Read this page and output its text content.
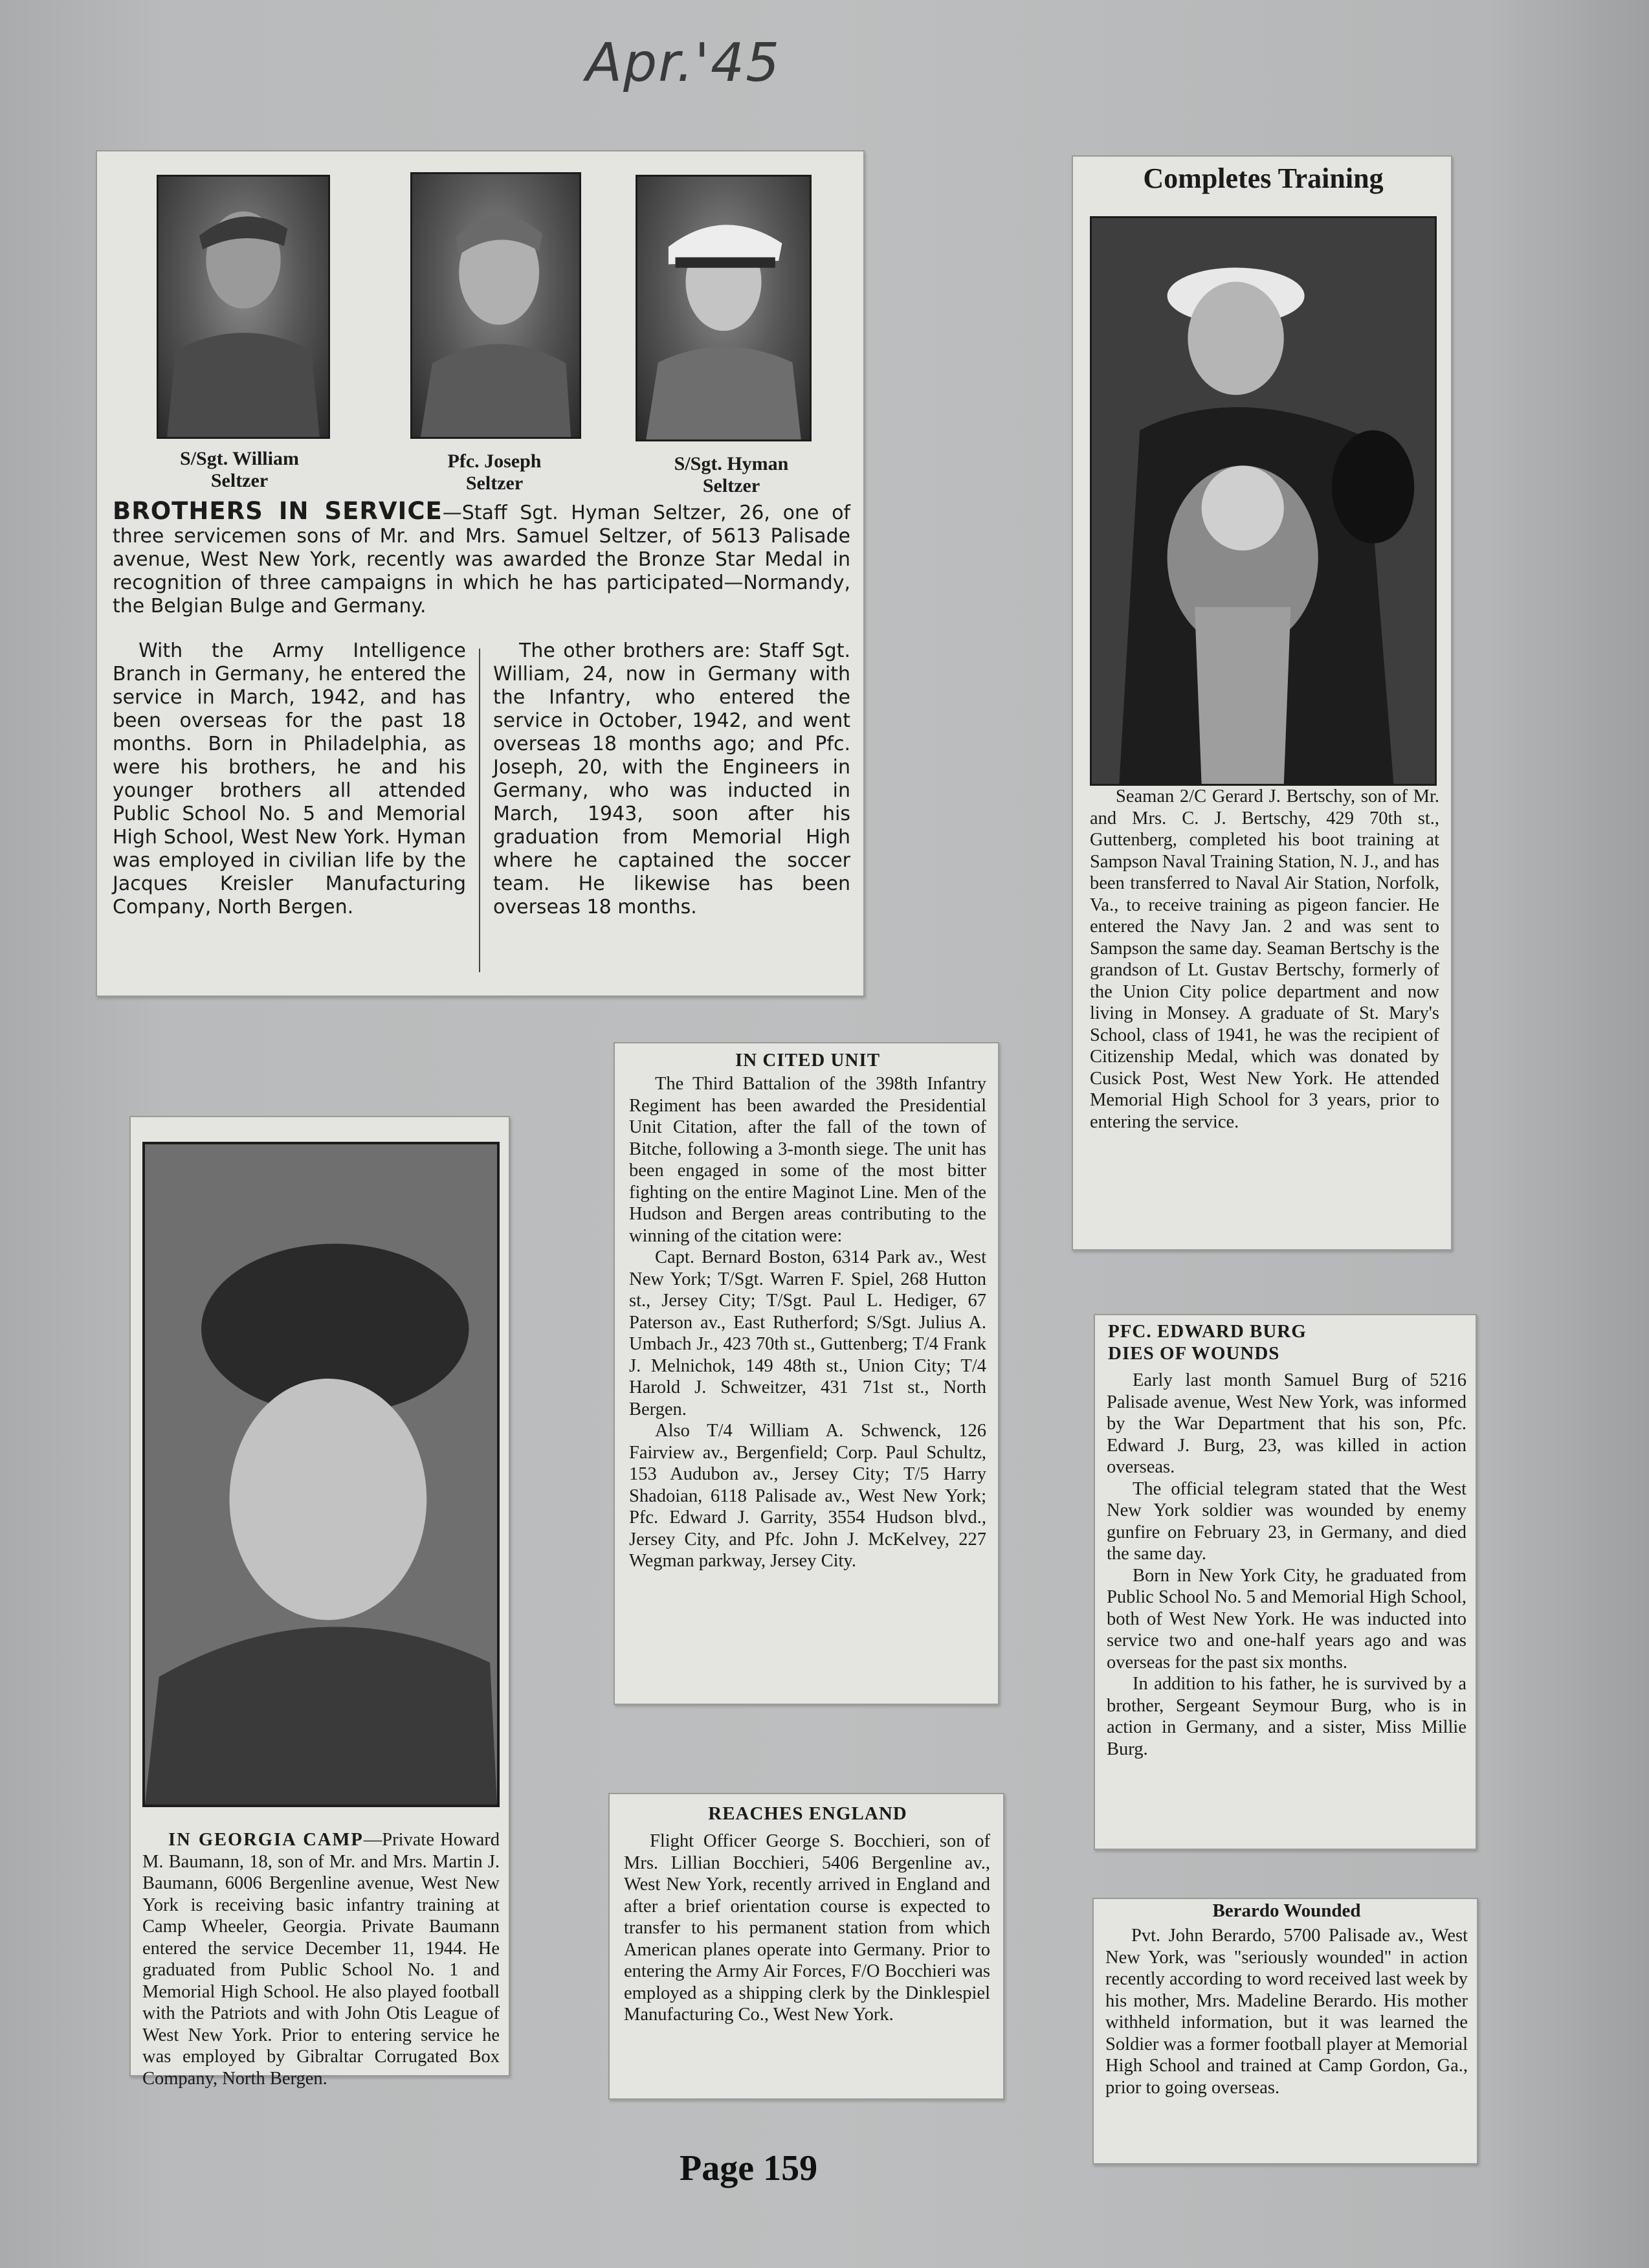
Apr.'45
S/Sgt. William
Seltzer
Pfc. Joseph
Seltzer
S/Sgt. Hyman
Seltzer
BROTHERS IN SERVICE—Staff Sgt. Hyman Seltzer, 26, one of three servicemen sons of Mr. and Mrs. Samuel Seltzer, of 5613 Palisade avenue, West New York, recently was awarded the Bronze Star Medal in recognition of three campaigns in which he has participated—Normandy, the Belgian Bulge and Germany.
With the Army Intelligence Branch in Germany, he entered the service in March, 1942, and has been overseas for the past 18 months. Born in Philadelphia, as were his brothers, he and his younger brothers all attended Public School No. 5 and Memorial High School, West New York. Hyman was employed in civilian life by the Jacques Kreisler Manufacturing Company, North Bergen.
The other brothers are: Staff Sgt. William, 24, now in Germany with the Infantry, who entered the service in October, 1942, and went overseas 18 months ago; and Pfc. Joseph, 20, with the Engineers in Germany, who was inducted in March, 1943, soon after his graduation from Memorial High where he captained the soccer team. He likewise has been overseas 18 months.
Completes Training
Seaman 2/C Gerard J. Bertschy, son of Mr. and Mrs. C. J. Bertschy, 429 70th st., Guttenberg, completed his boot training at Sampson Naval Training Station, N. J., and has been transferred to Naval Air Station, Norfolk, Va., to receive training as pigeon fancier. He entered the Navy Jan. 2 and was sent to Sampson the same day. Seaman Bertschy is the grandson of Lt. Gustav Bertschy, formerly of the Union City police department and now living in Monsey. A graduate of St. Mary's School, class of 1941, he was the recipient of Citizenship Medal, which was donated by Cusick Post, West New York. He attended Memorial High School for 3 years, prior to entering the service.
IN CITED UNIT

The Third Battalion of the 398th Infantry Regiment has been awarded the Presidential Unit Citation, after the fall of the town of Bitche, following a 3-month siege. The unit has been engaged in some of the most bitter fighting on the entire Maginot Line. Men of the Hudson and Bergen areas contributing to the winning of the citation were:

Capt. Bernard Boston, 6314 Park av., West New York; T/Sgt. Warren F. Spiel, 268 Hutton st., Jersey City; T/Sgt. Paul L. Hediger, 67 Paterson av., East Rutherford; S/Sgt. Julius A. Umbach Jr., 423 70th st., Guttenberg; T/4 Frank J. Melnichok, 149 48th st., Union City; T/4 Harold J. Schweitzer, 431 71st st., North Bergen.

Also T/4 William A. Schwenck, 126 Fairview av., Bergenfield; Corp. Paul Schultz, 153 Audubon av., Jersey City; T/5 Harry Shadoian, 6118 Palisade av., West New York; Pfc. Edward J. Garrity, 3554 Hudson blvd., Jersey City, and Pfc. John J. McKelvey, 227 Wegman parkway, Jersey City.

PFC. EDWARD BURG
DIES OF WOUNDS

Early last month Samuel Burg of 5216 Palisade avenue, West New York, was informed by the War Department that his son, Pfc. Edward J. Burg, 23, was killed in action overseas.

The official telegram stated that the West New York soldier was wounded by enemy gunfire on February 23, in Germany, and died the same day.

Born in New York City, he graduated from Public School No. 5 and Memorial High School, both of West New York. He was inducted into service two and one-half years ago and was overseas for the past six months.

In addition to his father, he is survived by a brother, Sergeant Seymour Burg, who is in action in Germany, and a sister, Miss Millie Burg.

IN GEORGIA CAMP—Private Howard M. Baumann, 18, son of Mr. and Mrs. Martin J. Baumann, 6006 Bergenline avenue, West New York is receiving basic infantry training at Camp Wheeler, Georgia. Private Baumann entered the service December 11, 1944. He graduated from Public School No. 1 and Memorial High School. He also played football with the Patriots and with John Otis League of West New York. Prior to entering service he was employed by Gibraltar Corrugated Box Company, North Bergen.
REACHES ENGLAND
Flight Officer George S. Bocchieri, son of Mrs. Lillian Bocchieri, 5406 Bergenline av., West New York, recently arrived in England and after a brief orientation course is expected to transfer to his permanent station from which American planes operate into Germany. Prior to entering the Army Air Forces, F/O Bocchieri was employed as a shipping clerk by the Dinklespiel Manufacturing Co., West New York.
Berardo Wounded
Pvt. John Berardo, 5700 Palisade av., West New York, was "seriously wounded" in action recently according to word received last week by his mother, Mrs. Madeline Berardo. His mother withheld information, but it was learned the Soldier was a former football player at Memorial High School and trained at Camp Gordon, Ga., prior to going overseas.
Page 159
